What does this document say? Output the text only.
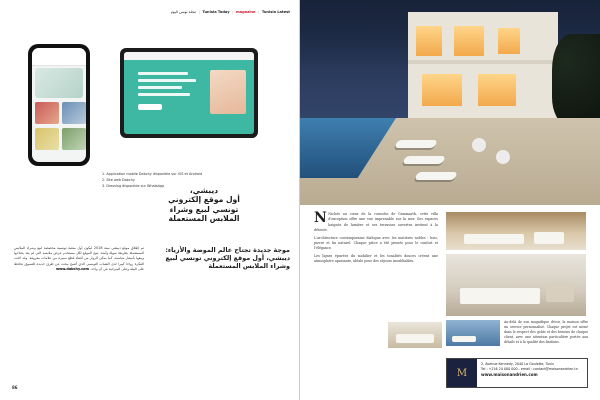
Tunisia Today | magazine | Tunisia Latest| مجلة تونس اليوم

1. Application mobile Dabchy disponible sur iOS et Android

2. Site web Dabchy

3. Dressing disponible sur WhatsApp

ديبشي،
أول موقع إلكتروني
تونسي لبيع وشراء
الملابس المستعملة
موجة جديدة تجتاح عالم الموضة والأزياء: ديبشي، أول موقع إلكتروني تونسي لبيع وشراء الملابس المستعملة
تم إطلاق موقع ديبشي سنة 2018 ليكون أول منصة تونسية مخصصة لبيع وشراء الملابس المستعملة بطريقة سهلة وآمنة. يتيح الموقع لكل مستخدم عرض ملابسه التي لم يعد يحتاجها وبيعها بأسعار مناسبة، كما يمكن الزوار من اقتناء قطع مميزة من علامات معروفة. وقد لاقت الفكرة رواجا كبيرا لدى الشباب التونسي الذي أصبح يبحث عن طرق جديدة للتسوق تحافظ على البيئة وعلى الميزانية في آن واحد. www.dabchy.com
86

N Nichée au cœur de la corniche de Gammarth, cette villa d'exception offre une vue imprenable sur la mer. Ses espaces baignés de lumière et ses terrasses ouvertes invitent à la détente.

L'architecture contemporaine dialogue avec les matières nobles : bois, pierre et lin naturel. Chaque pièce a été pensée pour le confort et l'élégance.

Les lignes épurées du mobilier et les tonalités douces créent une atmosphère apaisante, idéale pour des séjours inoubliables.

Au-delà de son magnifique décor, la maison offre un service personnalisé. Chaque projet est mené dans le respect des goûts et des besoins de chaque client, avec une attention particulière portée aux détails et à la qualité des finitions.
M
2, Avenue Kennedy, 2040 La Goulette, Tunis
Tel : +216 24 000 000 - email : contact@maisonandrien.tn
www.maisonandrien.com
